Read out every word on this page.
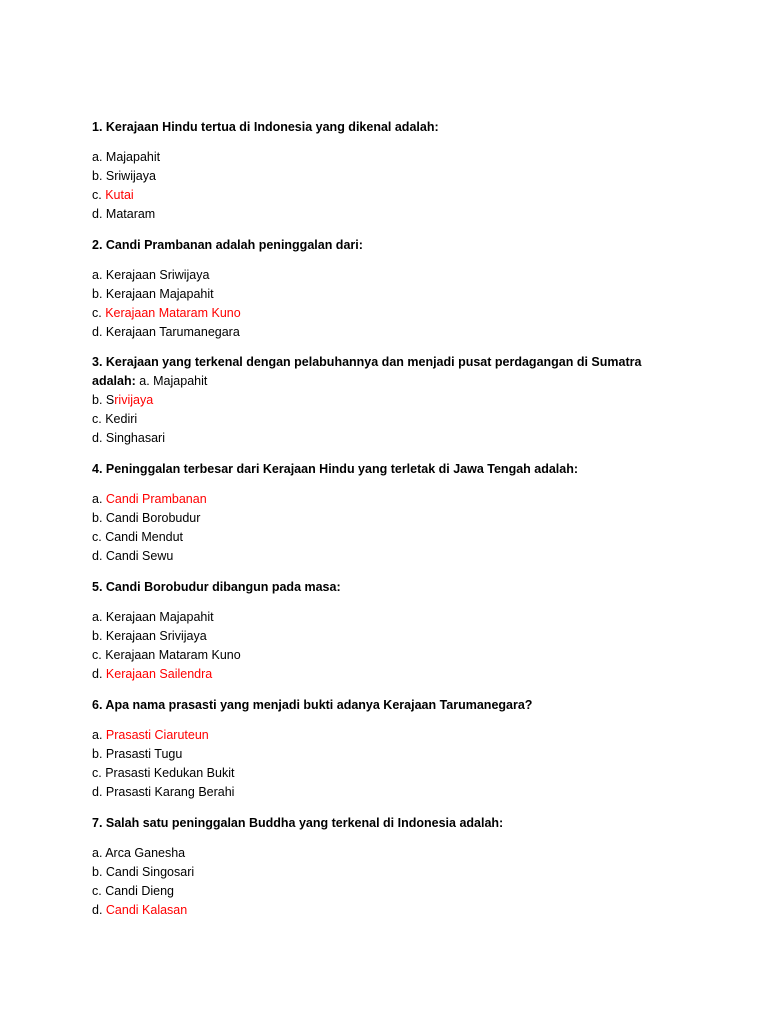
1. Kerajaan Hindu tertua di Indonesia yang dikenal adalah:

a. Majapahit

b. Sriwijaya

c. Kutai

d. Mataram

2. Candi Prambanan adalah peninggalan dari:

a. Kerajaan Sriwijaya

b. Kerajaan Majapahit

c. Kerajaan Mataram Kuno

d. Kerajaan Tarumanegara

3. Kerajaan yang terkenal dengan pelabuhannya dan menjadi pusat perdagangan di Sumatra adalah: a. Majapahit

b. Srivijaya

c. Kediri

d. Singhasari

4. Peninggalan terbesar dari Kerajaan Hindu yang terletak di Jawa Tengah adalah:

a. Candi Prambanan

b. Candi Borobudur

c. Candi Mendut

d. Candi Sewu

5. Candi Borobudur dibangun pada masa:

a. Kerajaan Majapahit

b. Kerajaan Srivijaya

c. Kerajaan Mataram Kuno

d. Kerajaan Sailendra

6. Apa nama prasasti yang menjadi bukti adanya Kerajaan Tarumanegara?

a. Prasasti Ciaruteun

b. Prasasti Tugu

c. Prasasti Kedukan Bukit

d. Prasasti Karang Berahi

7. Salah satu peninggalan Buddha yang terkenal di Indonesia adalah:

a. Arca Ganesha

b. Candi Singosari

c. Candi Dieng

d. Candi Kalasan
